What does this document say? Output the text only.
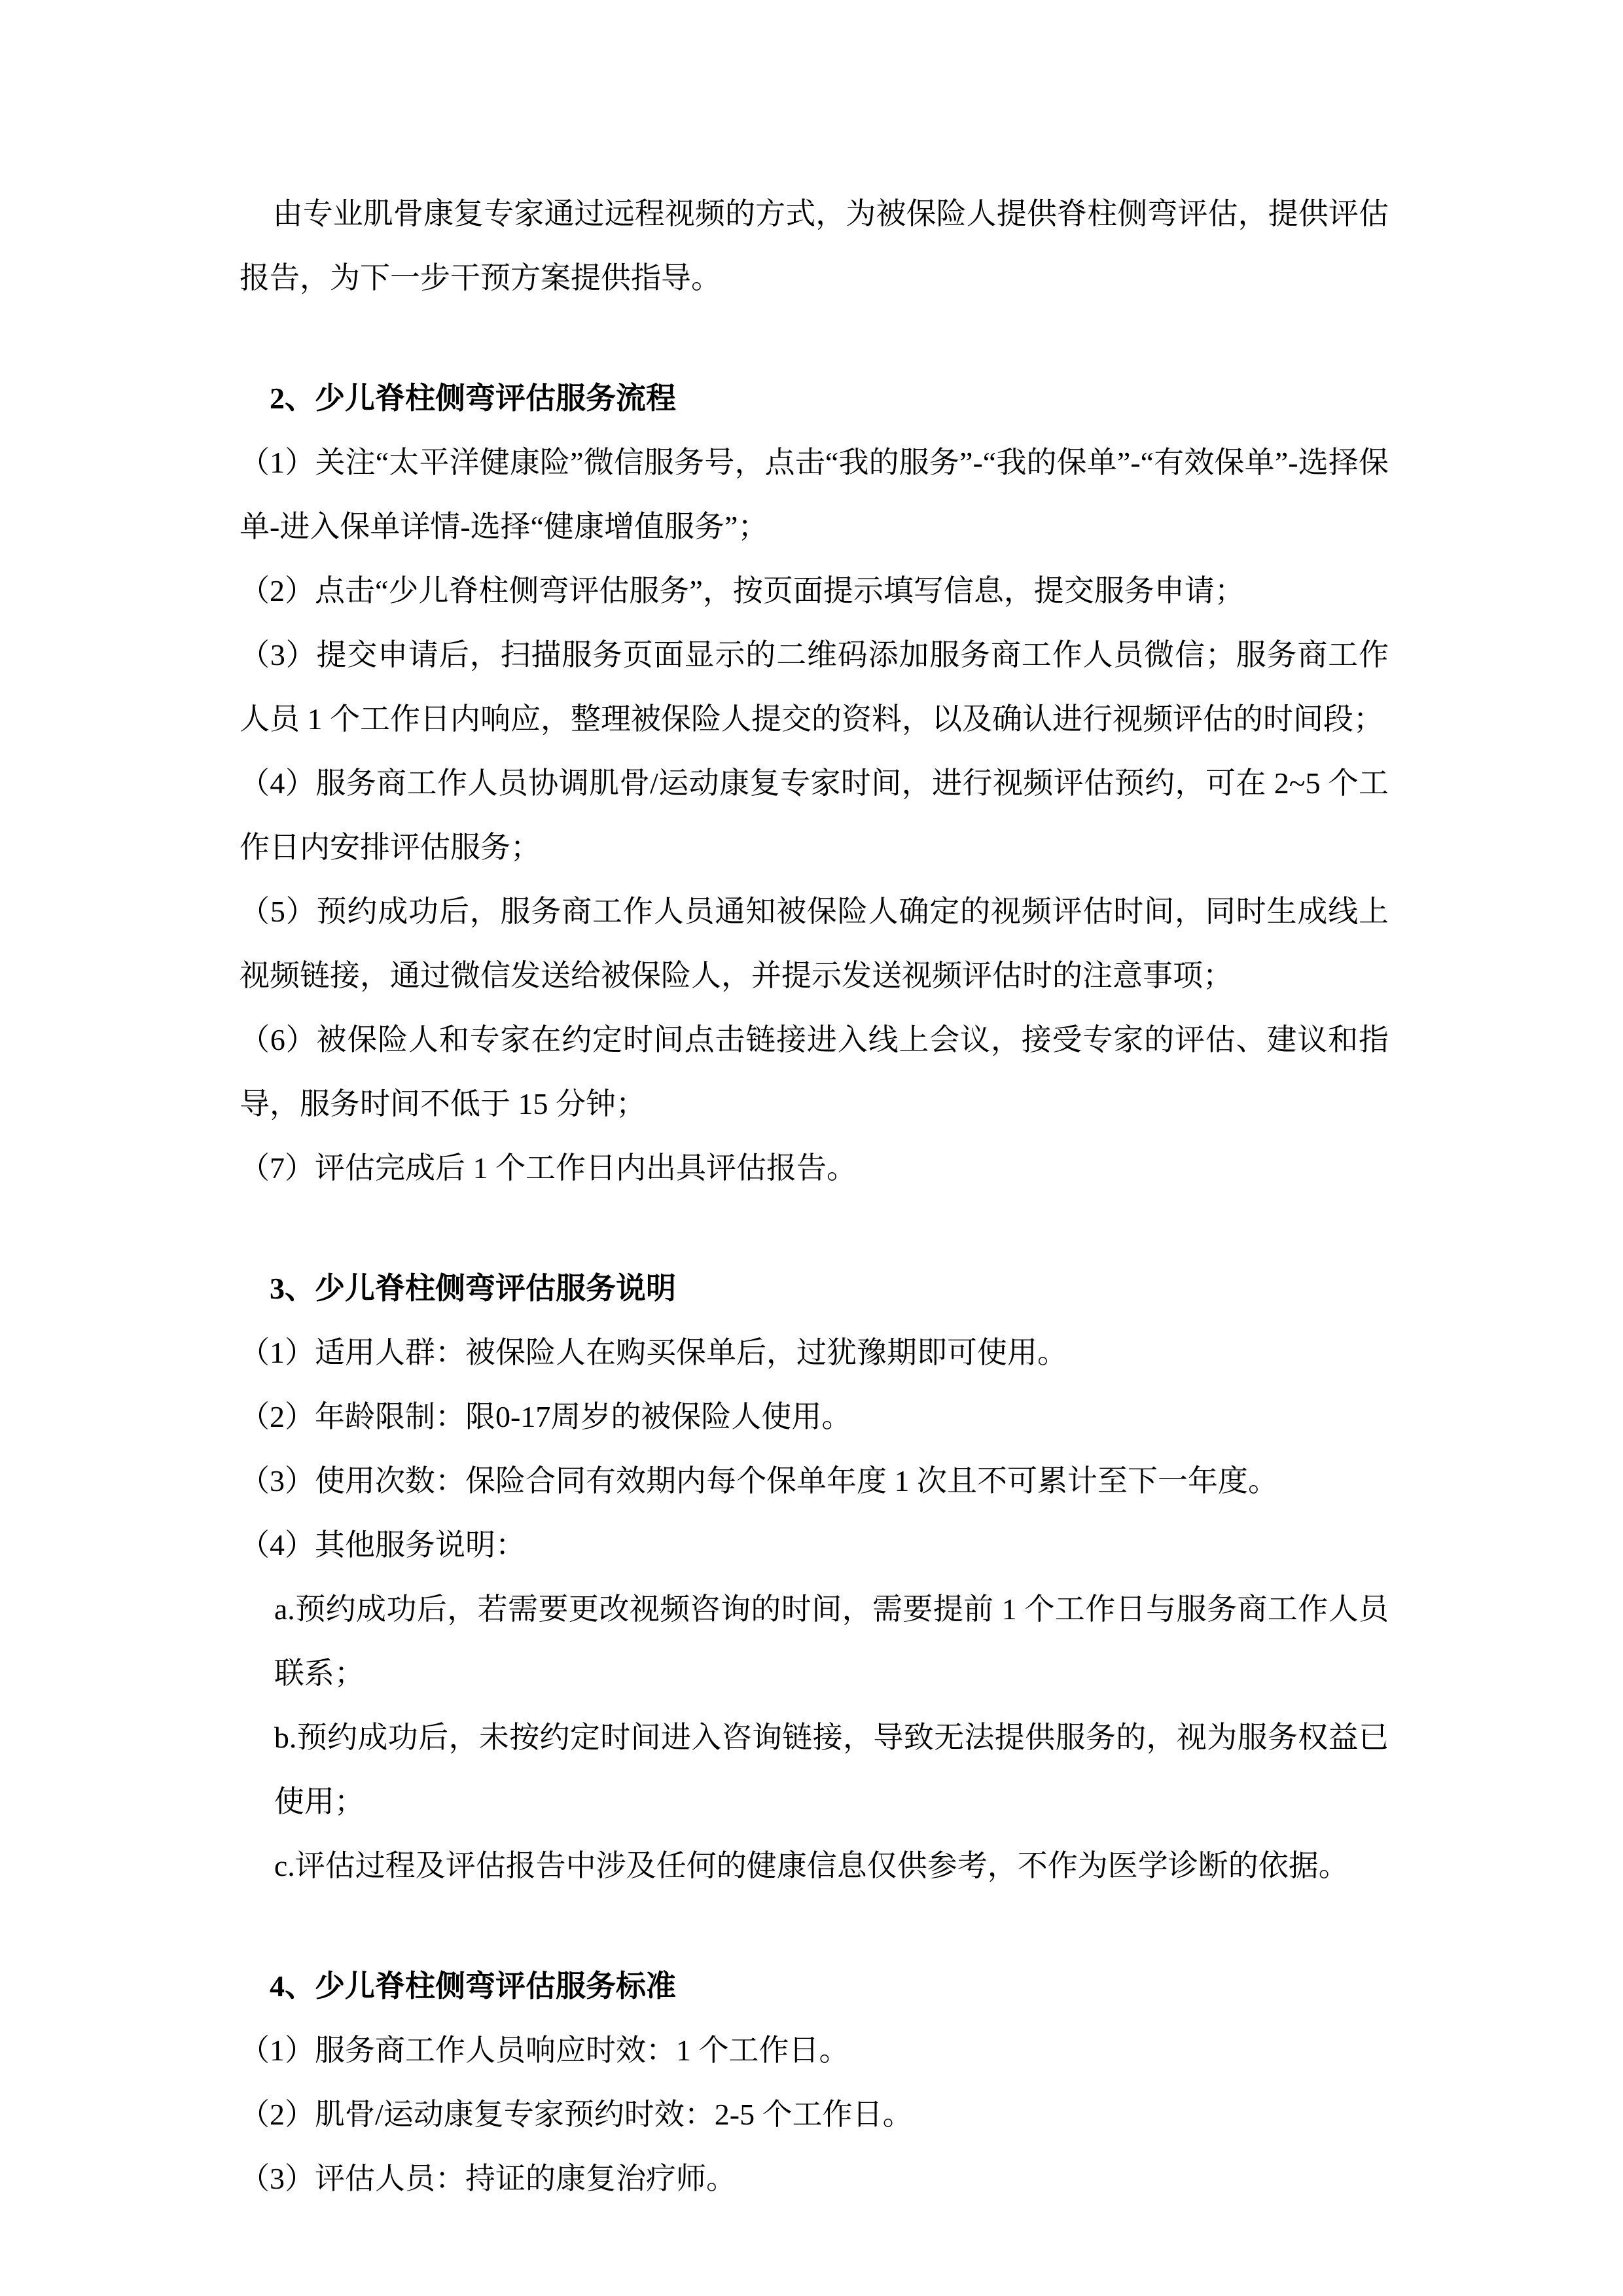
由专业肌骨康复专家通过远程视频的方式，为被保险人提供脊柱侧弯评估，提供评估报告，为下一步干预方案提供指导。

2、少儿脊柱侧弯评估服务流程

（1）关注“太平洋健康险”微信服务号，点击“我的服务”-“我的保单”-“有效保单”-选择保单-进入保单详情-选择“健康增值服务”；

（2）点击“少儿脊柱侧弯评估服务”，按页面提示填写信息，提交服务申请；

（3）提交申请后，扫描服务页面显示的二维码添加服务商工作人员微信；服务商工作人员 1 个工作日内响应，整理被保险人提交的资料，以及确认进行视频评估的时间段；

（4）服务商工作人员协调肌骨/运动康复专家时间，进行视频评估预约，可在 2~5 个工作日内安排评估服务；

（5）预约成功后，服务商工作人员通知被保险人确定的视频评估时间，同时生成线上视频链接，通过微信发送给被保险人，并提示发送视频评估时的注意事项；

（6）被保险人和专家在约定时间点击链接进入线上会议，接受专家的评估、建议和指导，服务时间不低于 15 分钟；

（7）评估完成后 1 个工作日内出具评估报告。

3、少儿脊柱侧弯评估服务说明

（1）适用人群：被保险人在购买保单后，过犹豫期即可使用。

（2）年龄限制：限0-17周岁的被保险人使用。

（3）使用次数：保险合同有效期内每个保单年度 1 次且不可累计至下一年度。

（4）其他服务说明：

a.预约成功后，若需要更改视频咨询的时间，需要提前 1 个工作日与服务商工作人员联系；

b.预约成功后，未按约定时间进入咨询链接，导致无法提供服务的，视为服务权益已使用；

c.评估过程及评估报告中涉及任何的健康信息仅供参考，不作为医学诊断的依据。

4、少儿脊柱侧弯评估服务标准

（1）服务商工作人员响应时效：1 个工作日。

（2）肌骨/运动康复专家预约时效：2-5 个工作日。

（3）评估人员：持证的康复治疗师。
